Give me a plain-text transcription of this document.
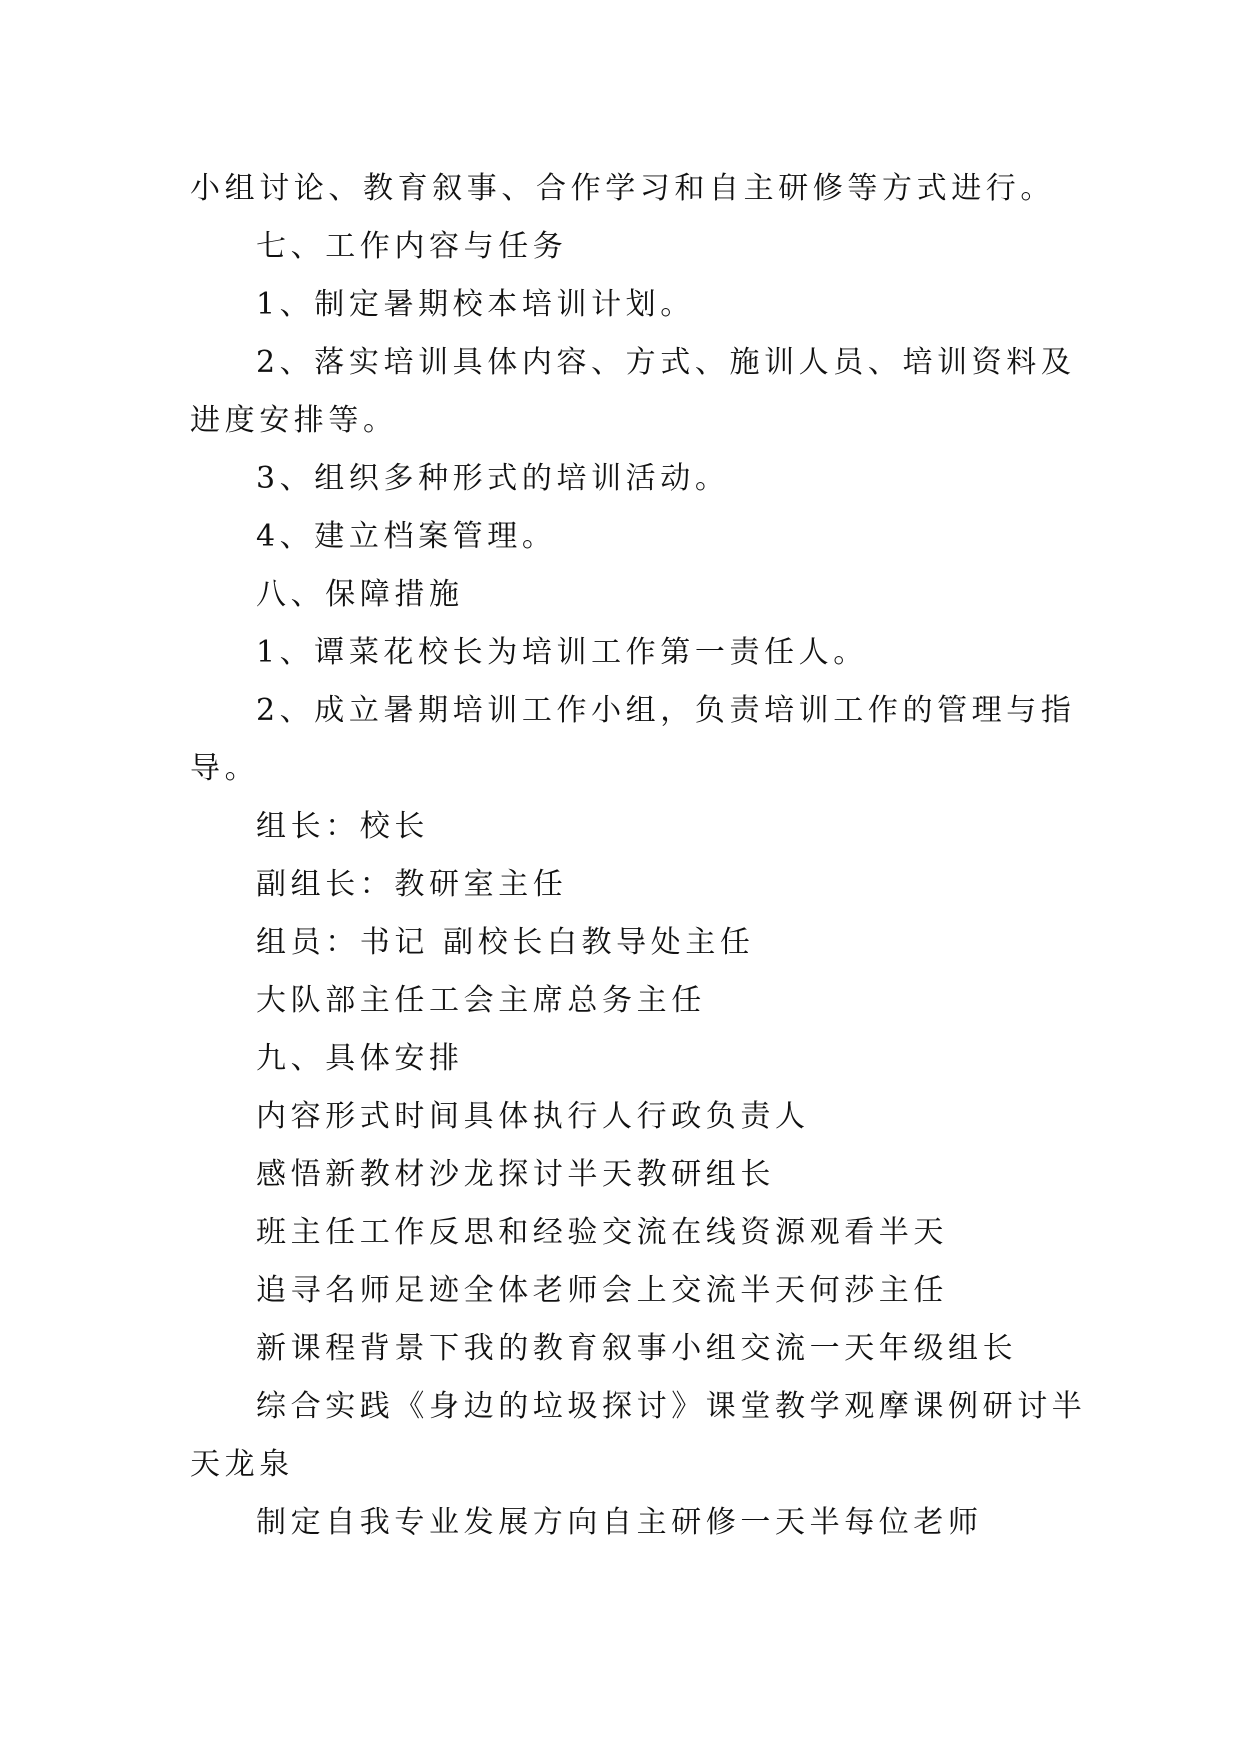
小组讨论、教育叙事、合作学习和自主研修等方式进行。
七、工作内容与任务
1、制定暑期校本培训计划。
2、落实培训具体内容、方式、施训人员、培训资料及
进度安排等。
3、组织多种形式的培训活动。
4、建立档案管理。
八、保障措施
1、谭菜花校长为培训工作第一责任人。
2、成立暑期培训工作小组，负责培训工作的管理与指
导。
组长：校长
副组长：教研室主任
组员：书记 副校长白教导处主任
大队部主任工会主席总务主任
九、具体安排
内容形式时间具体执行人行政负责人
感悟新教材沙龙探讨半天教研组长
班主任工作反思和经验交流在线资源观看半天
追寻名师足迹全体老师会上交流半天何莎主任
新课程背景下我的教育叙事小组交流一天年级组长
综合实践《身边的垃圾探讨》课堂教学观摩课例研讨半
天龙泉
制定自我专业发展方向自主研修一天半每位老师
